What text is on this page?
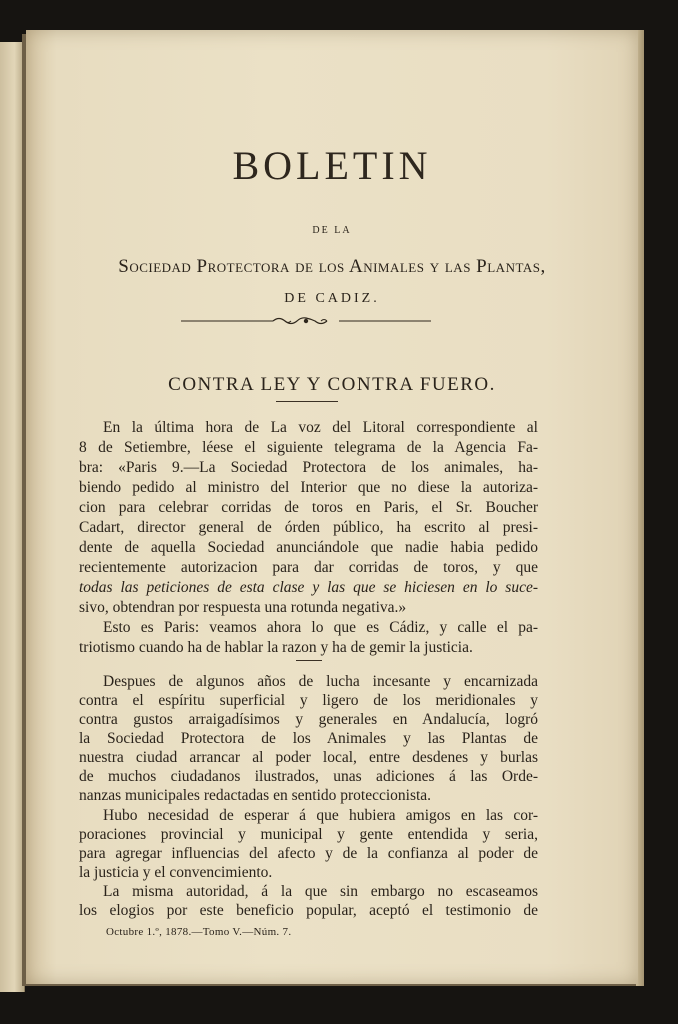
BOLETIN
DE LA
Sociedad Protectora de los Animales y las Plantas,
DE CADIZ.
CONTRA LEY Y CONTRA FUERO.
En la última hora de La voz del Litoral correspondiente al
8 de Setiembre, léese el siguiente telegrama de la Agencia Fa-
bra: «Paris 9.—La Sociedad Protectora de los animales, ha-
biendo pedido al ministro del Interior que no diese la autoriza-
cion para celebrar corridas de toros en Paris, el Sr. Boucher
Cadart, director general de órden público, ha escrito al presi-
dente de aquella Sociedad anunciándole que nadie habia pedido
recientemente autorizacion para dar corridas de toros, y que
todas las peticiones de esta clase y las que se hiciesen en lo suce-
sivo, obtendran por respuesta una rotunda negativa.»
Esto es Paris: veamos ahora lo que es Cádiz, y calle el pa-
triotismo cuando ha de hablar la razon y ha de gemir la justicia.
Despues de algunos años de lucha incesante y encarnizada
contra el espíritu superficial y ligero de los meridionales y
contra gustos arraigadísimos y generales en Andalucía, logró
la Sociedad Protectora de los Animales y las Plantas de
nuestra ciudad arrancar al poder local, entre desdenes y burlas
de muchos ciudadanos ilustrados, unas adiciones á las Orde-
nanzas municipales redactadas en sentido proteccionista.
Hubo necesidad de esperar á que hubiera amigos en las cor-
poraciones provincial y municipal y gente entendida y seria,
para agregar influencias del afecto y de la confianza al poder de
la justicia y el convencimiento.
La misma autoridad, á la que sin embargo no escaseamos
los elogios por este beneficio popular, aceptó el testimonio de
Octubre 1.º, 1878.—Tomo V.—Núm. 7.
